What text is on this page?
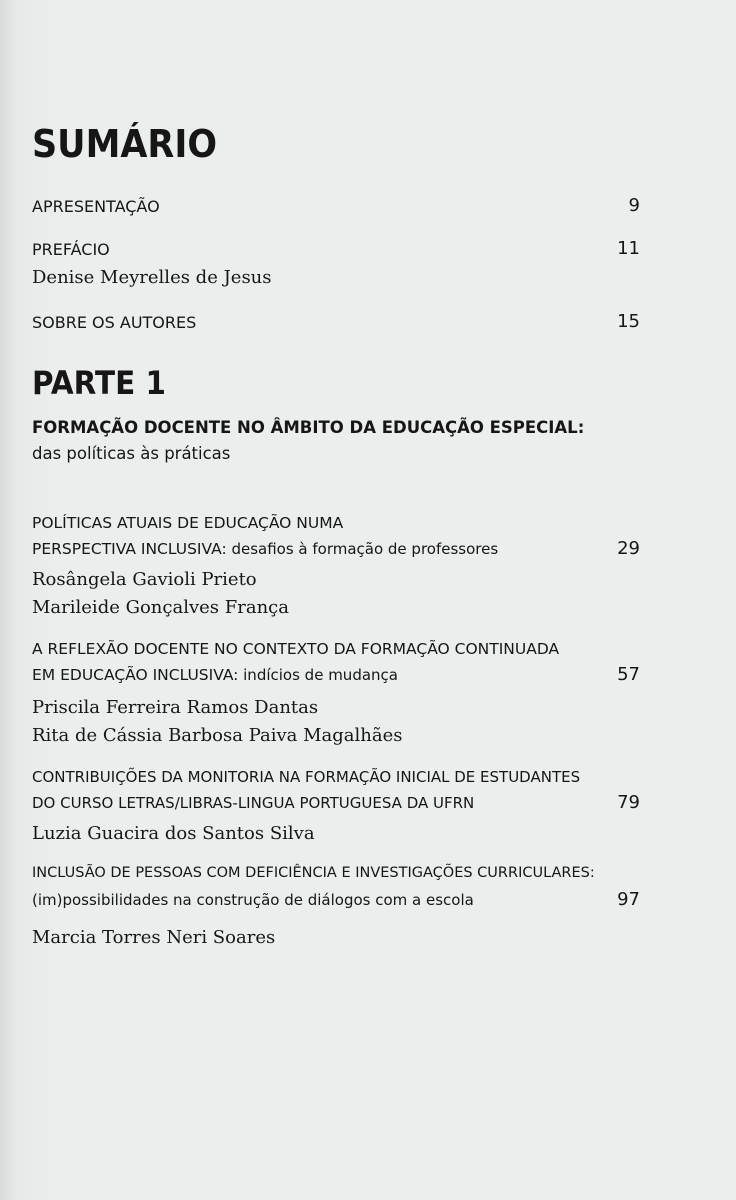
SUMÁRIO
APRESENTAÇÃO	9
PREFÁCIO	11
Denise Meyrelles de Jesus
SOBRE OS AUTORES	15
PARTE 1
FORMAÇÃO DOCENTE NO ÂMBITO DA EDUCAÇÃO ESPECIAL:
das políticas às práticas
POLÍTICAS ATUAIS DE EDUCAÇÃO NUMA
PERSPECTIVA INCLUSIVA: desafios à formação de professores	29
Rosângela Gavioli Prieto
Marileide Gonçalves França
A REFLEXÃO DOCENTE NO CONTEXTO DA FORMAÇÃO CONTINUADA
EM EDUCAÇÃO INCLUSIVA: indícios de mudança	57
Priscila Ferreira Ramos Dantas
Rita de Cássia Barbosa Paiva Magalhães
CONTRIBUIÇÕES DA MONITORIA NA FORMAÇÃO INICIAL DE ESTUDANTES
DO CURSO LETRAS/LIBRAS-LINGUA PORTUGUESA DA UFRN	79
Luzia Guacira dos Santos Silva
INCLUSÃO DE PESSOAS COM DEFICIÊNCIA E INVESTIGAÇÕES CURRICULARES:
(im)possibilidades na construção de diálogos com a escola	97
Marcia Torres Neri Soares
